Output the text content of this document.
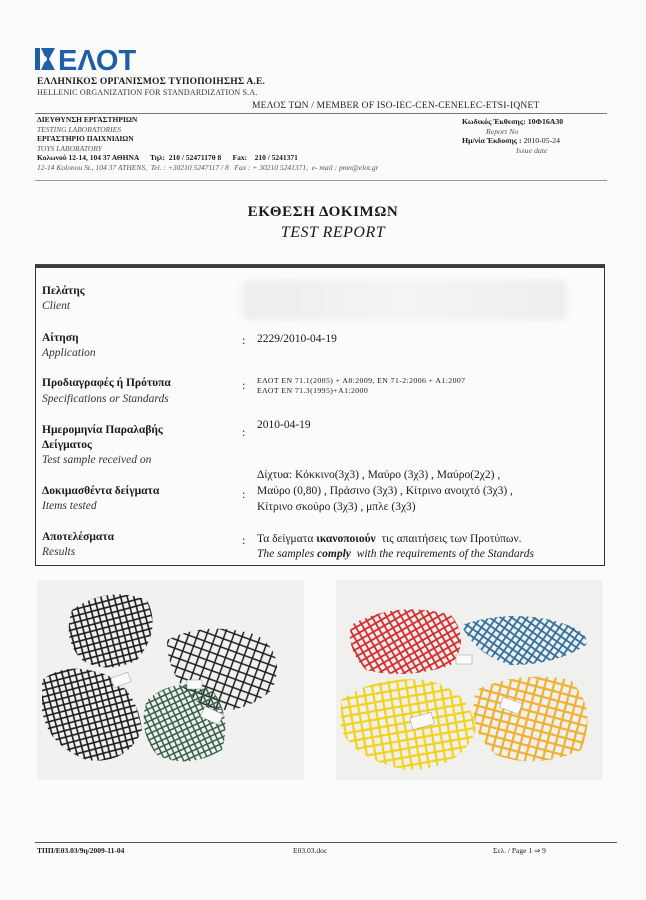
ΕΛΟΤ
ΕΛΛΗΝΙΚΟΣ ΟΡΓΑΝΙΣΜΟΣ ΤΥΠΟΠΟΙΗΣΗΣ Α.Ε.
HELLENIC ORGANIZATION FOR STANDARDIZATION S.A.
ΜΕΛΟΣ ΤΩΝ / MEMBER OF ISO-IEC-CEN-CENELEC-ETSI-IQNET
ΔΙΕΥΘΥΝΣΗ ΕΡΓΑΣΤΗΡΙΩΝ
TESTING LABORATORIES
ΕΡΓΑΣΤΗΡΙΟ ΠΑΙΧΝΙΔΙΩΝ
TOYS LABORATORY
Κολωνού 12-14, 104 37 ΑΘΗΝΑ      Τηλ:  210 / 5247117θ 8      Fax:    210 / 5241371
12-14 Kolonou St., 104 37 ATHENS,  Tel. : +30210 5247117 / 8   Fax : + 30210 5241371,  e- mail : pmn@elot.gr
Κωδικός Έκθεσης: 10Φ16Α30
Report No
Ημ/νία Έκδοσης : 2010-05-24
Issue date
ΕΚΘΕΣΗ ΔΟΚΙΜΩΝ
TEST REPORT
Πελάτης
Client
Αίτηση
Application
: 2229/2010-04-19
Προδιαγραφές ή Πρότυπα
Specifications or Standards
: ΕΛΟΤ ΕΝ 71.1(2005) + Α8:2009, ΕΝ 71-2:2006 + Α1:2007
ΕΛΟΤ ΕΝ 71.3(1995)+Α1:2000
Ημερομηνία Παραλαβής
Δείγματος
Test sample received on
: 2010-04-19
Δοκιμασθέντα δείγματα
Items tested
:
Δίχτυα: Κόκκινο(3χ3) , Μαύρο (3χ3) , Μαύρο(2χ2) ,
Μαύρο (0,80) , Πράσινο (3χ3) , Κίτρινο ανοιχτό (3χ3) ,
Κίτρινο σκούρο (3χ3) , μπλε (3χ3)
Αποτελέσματα
Results
: Τα δείγματα ικανοποιούν  τις απαιτήσεις των Προτύπων.
The samples comply  with the requirements of the Standards
ΤΠΠ/Ε03.03/9η/2009-11-04	Ε03.03.doc	Σελ. / Page 1 ⇒ 9
